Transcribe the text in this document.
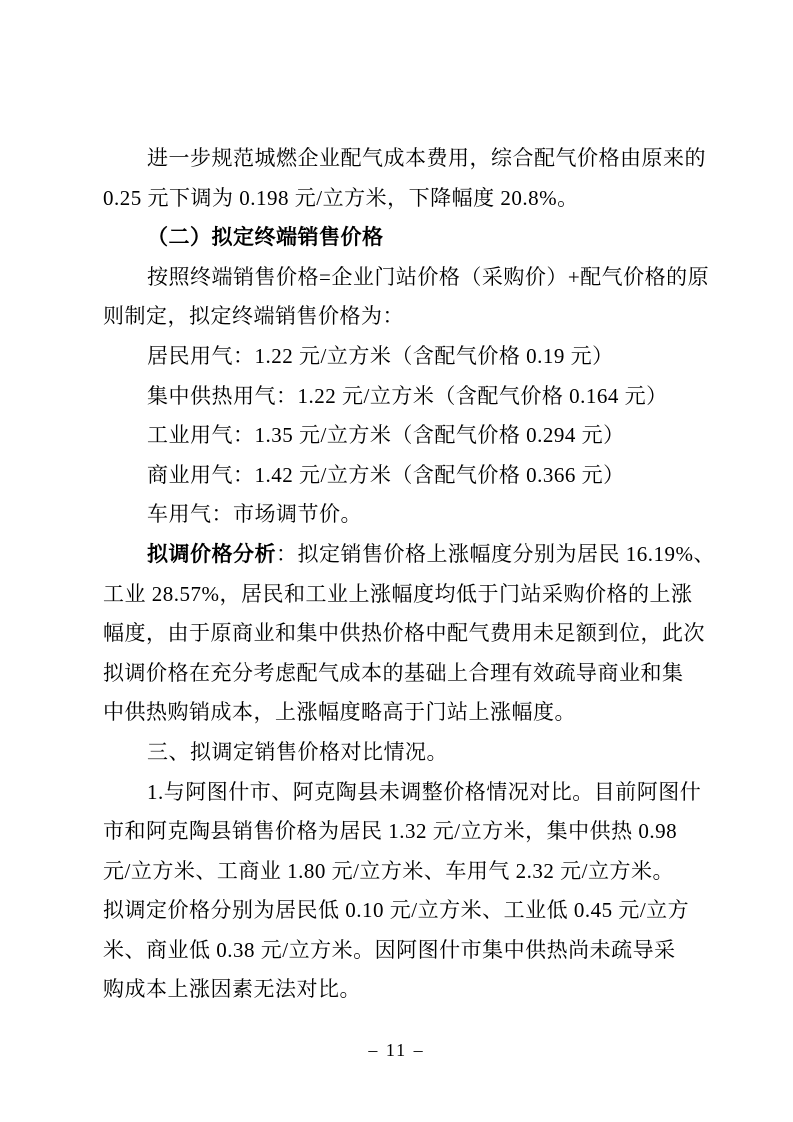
进一步规范城燃企业配气成本费用，综合配气价格由原来的
0.25 元下调为 0.198 元/立方米，下降幅度 20.8%。
（二）拟定终端销售价格
按照终端销售价格=企业门站价格（采购价）+配气价格的原
则制定，拟定终端销售价格为：
居民用气：1.22 元/立方米（含配气价格 0.19 元）
集中供热用气：1.22 元/立方米（含配气价格 0.164 元）
工业用气：1.35 元/立方米（含配气价格 0.294 元）
商业用气：1.42 元/立方米（含配气价格 0.366 元）
车用气：市场调节价。
拟调价格分析：拟定销售价格上涨幅度分别为居民 16.19%、
工业 28.57%，居民和工业上涨幅度均低于门站采购价格的上涨
幅度，由于原商业和集中供热价格中配气费用未足额到位，此次
拟调价格在充分考虑配气成本的基础上合理有效疏导商业和集
中供热购销成本，上涨幅度略高于门站上涨幅度。
三、拟调定销售价格对比情况。
1.与阿图什市、阿克陶县未调整价格情况对比。目前阿图什
市和阿克陶县销售价格为居民 1.32 元/立方米，集中供热 0.98
元/立方米、工商业 1.80 元/立方米、车用气 2.32 元/立方米。
拟调定价格分别为居民低 0.10 元/立方米、工业低 0.45 元/立方
米、商业低 0.38 元/立方米。因阿图什市集中供热尚未疏导采
购成本上涨因素无法对比。
– 11 –
